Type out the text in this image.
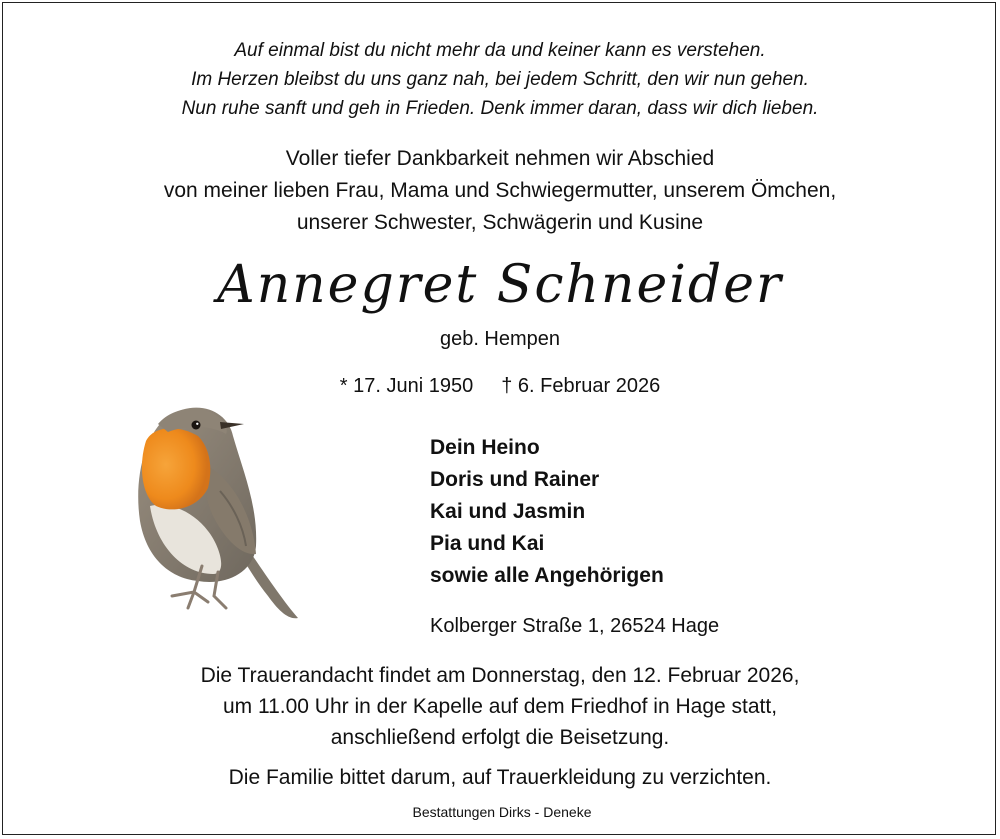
Auf einmal bist du nicht mehr da und keiner kann es verstehen.
Im Herzen bleibst du uns ganz nah, bei jedem Schritt, den wir nun gehen.
Nun ruhe sanft und geh in Frieden. Denk immer daran, dass wir dich lieben.
Voller tiefer Dankbarkeit nehmen wir Abschied
von meiner lieben Frau, Mama und Schwiegermutter, unserem Ömchen,
unserer Schwester, Schwägerin und Kusine
Annegret Schneider
geb. Hempen
* 17. Juni 1950 † 6. Februar 2026
Dein Heino
Doris und Rainer
Kai und Jasmin
Pia und Kai
sowie alle Angehörigen
Kolberger Straße 1, 26524 Hage
Die Trauerandacht findet am Donnerstag, den 12. Februar 2026,
um 11.00 Uhr in der Kapelle auf dem Friedhof in Hage statt,
anschließend erfolgt die Beisetzung.
Die Familie bittet darum, auf Trauerkleidung zu verzichten.
Bestattungen Dirks - Deneke
